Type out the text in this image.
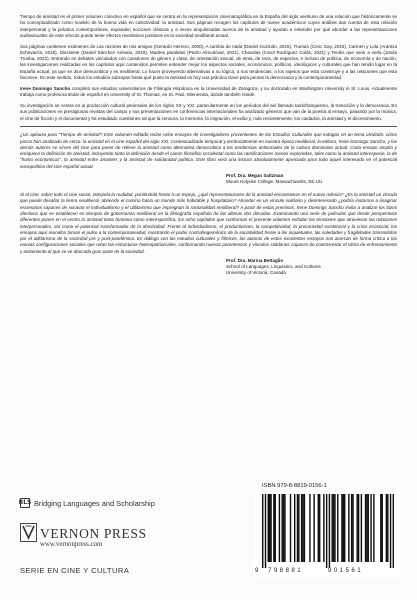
Tiempo de amistad es el primer volumen colectivo en español que se centra en la representación cinematográfica en la España del siglo veintiuno de una relación que históricamente se ha conceptualizado como modelo de la buena vida en colectividad: la amistad. Sus páginas recogen los capítulos de nueve académicos cuyos análisis dan cuenta de esta relación interpersonal y la práctica contemporánea, expanden nociones clásicas y a veces anquilosadas acerca de la amistad y ayudan a entender por qué abordar a las representaciones audiovisuales de este vínculo puede tener efectos revelativos positivos en la sociedad neoliberal actual.

Sus páginas contienen exámenes de Las razones de mis amigos (Gerardo Herrero, 2000), A cambio de nada (Daniel Guzmán, 2015), Truman (Cesc Gay, 2015), Carmen y Lola (Arantxa Echevarría, 2018), Diecisiete (Daniel Sánchez Arévalo, 2019), Madres paralelas (Pedro Almodóvar, 2021), Chavalas (Carol Rodríguez Colás, 2021) y Tenéis que venir a verla (Jonás Trueba, 2022). Entrando en debates vinculados con cuestiones de género y clase, de orientación sexual, de etnia, de raza, de especies, e incluso de política, de economía y de nación, las investigaciones realizadas en los capítulos aquí contenidos permiten entender mejor los aspectos sociales, económicos, políticos, ideológicos y culturales que han tenido lugar en la España actual, ya que se dice democrática y es neoliberal. Lo hacer proveyendo alternativas a su lógica, a sus tendencias, a los sujetos que esta construye y a las relaciones que esta favorece. En este sentido, todos los estudios subrayan hasta qué punto la amistad es hoy una práctica clave para pensar la democracia y la contemporaneidad.

Irene Domingo Sancho completó sus estudios universitarios de Filología Hispánica en la Universidad de Zaragoza, y su doctorado en Washington University in St. Louis. Actualmente trabaja como profesora titular de español en University of St. Thomas, en St. Paul, Minnesota, donde también reside.

Su investigación se centra en la producción cultural peninsular de los siglos XX y XXI, particularmente en los periodos del así llamado tardofranquismo, la transición y la democracia. En sus publicaciones en prestigiosas revistas del campo y sus presentaciones en conferencias internacionales ha analizado géneros que van de la poesía al ensayo, pasando por la música, el cine de ficción y el documental y ha estudiado cuestiones tal que la censura, la memoria, la migración, el exilio y, más recientemente, los cuidados, la amistad y el decrecimiento.

¿Un aplauso para "Tiempo de amistad"! Este volumen editado reúne ocho ensayos de investigadores provenientes de los Estudios Culturales que indagan en un tema olvidado: cómo pocos han analizado de cerca: la amistad en el cine español del siglo XXI. Contextualizado temporal y territorialmente en nuestra época neoliberal, la editora, Irene Domingo Sancho, y los demás autores se sirven del cine para poner de relieve la amistad como alternativa democrática a las tendencias antisociales de la cultura dominante actual. Cada ensayo amplía y enriquece la definición de amistad, incluyendo tanto la definición desde el canon filosófico occidental como las ramificaciones menos exploradas, tales como la amistad interespecie, la de "homo economicus", la amistad entre amantes y la amistad de solidaridad política. Este libro será una lectura absolutamente apreciada para todo aquel interesado en el potencial sociopolítico del cine español actual.

Prof. Dra. Megan Saltzman
Mount Holyoke College, Massachusetts, EE.UU

Si el cine, sobre todo el cine social, interpela la realidad, poniéndola frente a un espejo, ¿qué representaciones de la amistad encontramos en el nuevo milenio? ¿Es la amistad un vínculo que puede desafiar la lienra neoliberal, abriendo el camino hacia un mundo más habitable y hospitalario? Ahondar en un vínculo solidario y desinteresado ¿podría instarnos a imaginar escenarios capaces de socavar el individualismo y el utilitarismo que impregnan la racionalidad neoliberal? A partir de estas premisas, Irene Domingo Sancho invita a analizar los lazos afectivos que se establecen en tiempos de gobernanza neoliberal en la filmografía española de las últimas dos décadas. Examinando una serie de películas que desde perspectivas diferentes ponen en el centro la amistad tanto humana como interespecífica, los ocho capítulos que conforman el presente volumen señalan las tensiones que atraviesan las relaciones interpersonales, así como el potencial transformador de la afectividad. Frente al individualismo, el productivismo, la competitividad, la precariedad existencial y la crisis ecosocial, los ensayos aquí reunidos toman el pulso a la contemporaneidad, mostrando el poder contrahegemónico de la sociabilidad frente a las inquietudes, las soledades y fragilidades transmitidas por el utilitarismo de la sociedad pre y post-pandémica. En diálogo con los estudios culturales y fílmicos, las autoras de estos excelentes ensayos nos acercan de forma crítica a las nuevas configuraciones sociales que retan las estructuras heteropatriarcales, conformando nuevas parentescos y vínculos solidarios capaces de contrarrestar el clima de enfrentamiento y aislamiento al que se ve abocada gran parte de la sociedad.

Prof. Dra. Marina Bettaglio
School of Languages, Linguistics, and Cultures
University of Victoria, Canadá
BLS Bridging Languages and Scholarship
VERNON PRESS
www.vernonpress.com
SERIE EN CINE Y CULTURA
ISBN 979-8-8819-0156-1
9 798881	901561
